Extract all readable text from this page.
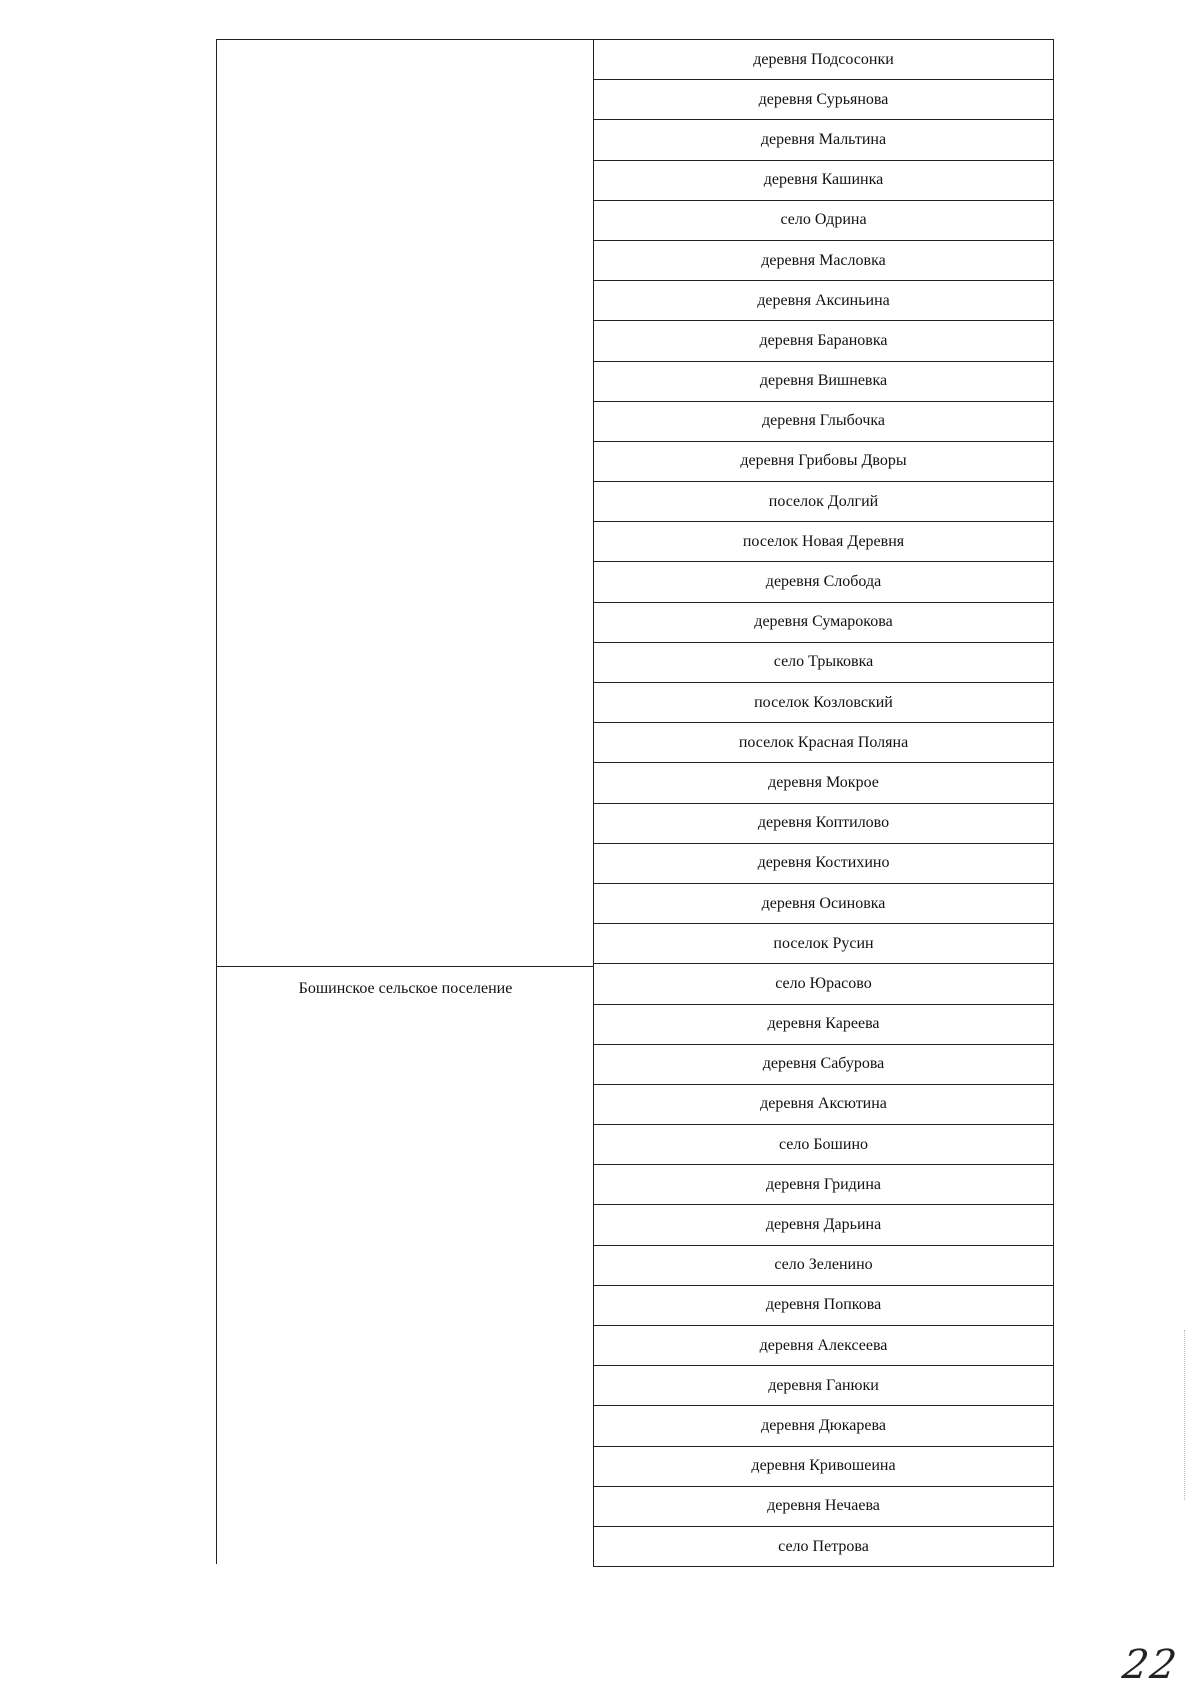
Бошинское сельское поселение
деревня Подсосонки
деревня Сурьянова
деревня Мальтина
деревня Кашинка
село Одрина
деревня Масловка
деревня Аксиньина
деревня Барановка
деревня Вишневка
деревня Глыбочка
деревня Грибовы Дворы
поселок Долгий
поселок Новая Деревня
деревня Слобода
деревня Сумарокова
село Трыковка
поселок Козловский
поселок Красная Поляна
деревня Мокрое
деревня Коптилово
деревня Костихино
деревня Осиновка
поселок Русин
село Юрасово
деревня Кареева
деревня Сабурова
деревня Аксютина
село Бошино
деревня Гридина
деревня Дарьина
село Зеленино
деревня Попкова
деревня Алексеева
деревня Ганюки
деревня Дюкарева
деревня Кривошеина
деревня Нечаева
село Петрова
22
